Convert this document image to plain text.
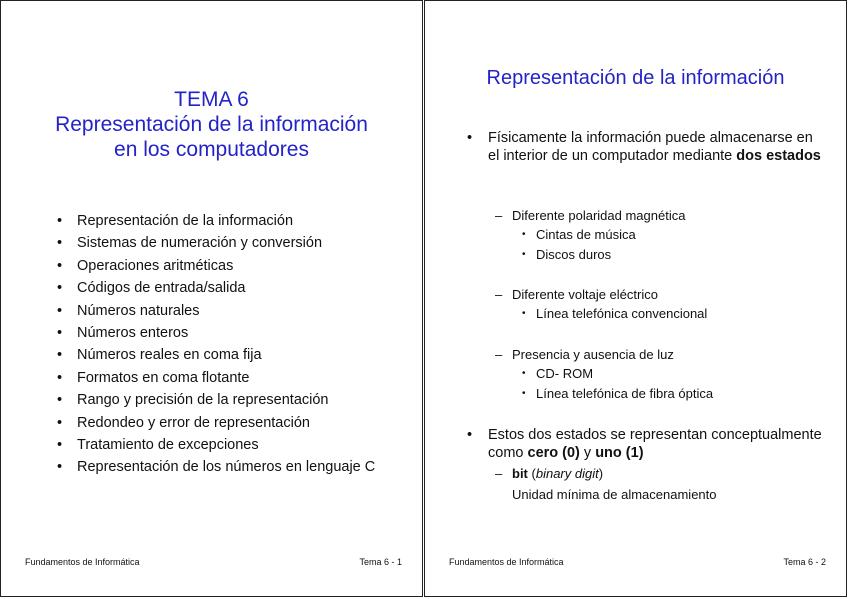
TEMA 6
Representación de la información
en los computadores
• Representación de la información
• Sistemas de numeración y conversión
• Operaciones aritméticas
• Códigos de entrada/salida
• Números naturales
• Números enteros
• Números reales en coma fija
• Formatos en coma flotante
• Rango y precisión de la representación
• Redondeo y error de representación
• Tratamiento de excepciones
• Representación de los números en lenguaje C
Fundamentos de Informática	Tema 6 - 1
Representación de la información
• Físicamente la información puede almacenarse en el interior de un computador mediante dos estados
– Diferente polaridad magnética
• Cintas de música
• Discos duros
– Diferente voltaje eléctrico
• Línea telefónica convencional
– Presencia y ausencia de luz
• CD- ROM
• Línea telefónica de fibra óptica
• Estos dos estados se representan conceptualmente como cero (0) y uno (1)
– bit (binary digit)
Unidad mínima de almacenamiento
Fundamentos de Informática	Tema 6 - 2
